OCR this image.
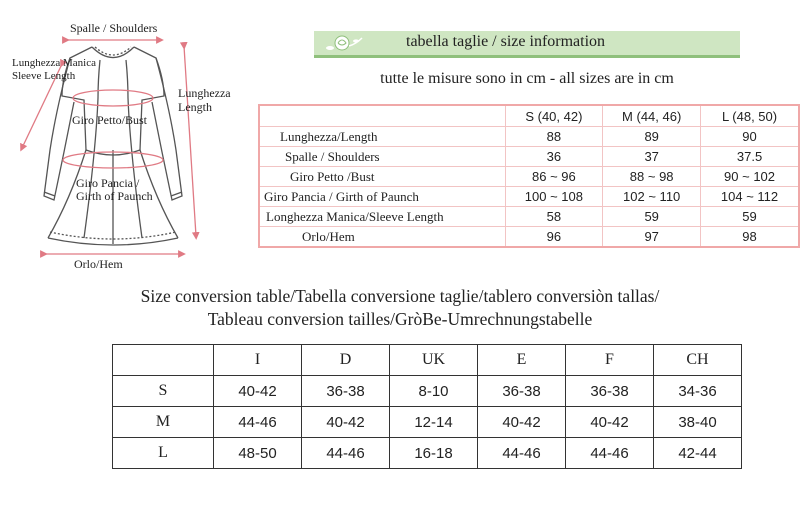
Spalle / Shoulders
Lunghezza Manica
Sleeve Length
Lunghezza
Length
Giro Petto/Bust
Giro Pancia /
Girth of Paunch
Orlo/Hem
tabella taglie / size information
tutte le misure sono in cm - all sizes are in cm
	S (40, 42)	M (44, 46)	L (48, 50)
Lunghezza/Length	88	89	90
Spalle / Shoulders	36	37	37.5
Giro Petto /Bust	86 ~ 96	88 ~ 98	90 ~ 102
Giro Pancia / Girth of Paunch	100 ~ 108	102 ~ 110	104 ~ 112
Longhezza Manica/Sleeve Length	58	59	59
Orlo/Hem	96	97	98
Size conversion table/Tabella conversione taglie/tablero conversiòn tallas/
Tableau conversion tailles/GròBe-Umrechnungstabelle
	I	D	UK	E	F	CH
S	40-42	36-38	8-10	36-38	36-38	34-36
M	44-46	40-42	12-14	40-42	40-42	38-40
L	48-50	44-46	16-18	44-46	44-46	42-44
